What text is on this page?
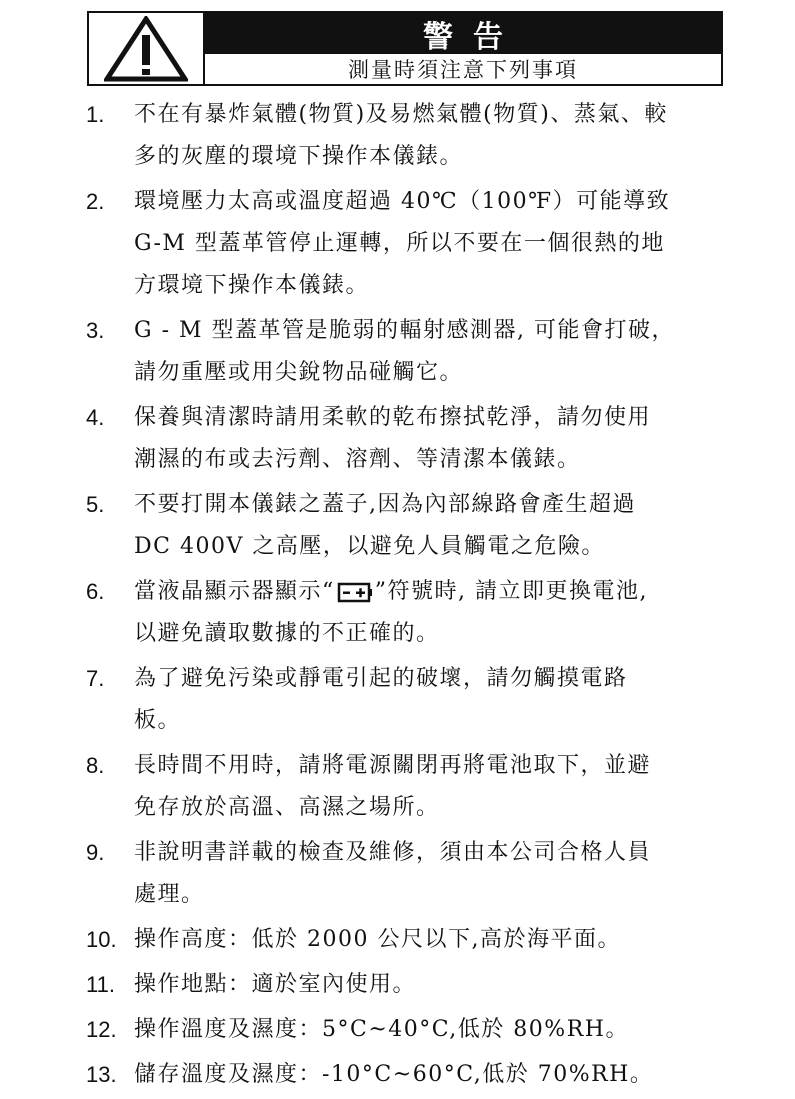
警告
測量時須注意下列事項
1.	不在有暴炸氣體(物質)及易燃氣體(物質)、蒸氣、較
多的灰塵的環境下操作本儀錶。
2.	環境壓力太高或溫度超過 40℃（100℉）可能導致
G-M 型蓋革管停止運轉，所以不要在一個很熱的地
方環境下操作本儀錶。
3.	G - M 型蓋革管是脆弱的輻射感測器, 可能會打破，
請勿重壓或用尖銳物品碰觸它。
4.	保養與清潔時請用柔軟的乾布擦拭乾淨，請勿使用
潮濕的布或去污劑、溶劑、等清潔本儀錶。
5.	不要打開本儀錶之蓋子,因為內部線路會產生超過
DC 400V 之高壓，以避免人員觸電之危險。
6.	當液晶顯示器顯示“ ”符號時, 請立即更換電池,
以避免讀取數據的不正確的。
7.	為了避免污染或靜電引起的破壞，請勿觸摸電路
板。
8.	長時間不用時，請將電源關閉再將電池取下，並避
免存放於高溫、高濕之場所。
9.	非說明書詳載的檢查及維修，須由本公司合格人員
處理。
10. 操作高度：低於 2000 公尺以下,高於海平面。
11. 操作地點：適於室內使用。
12. 操作溫度及濕度：5°C~40°C,低於 80%RH。
13. 儲存溫度及濕度：-10°C~60°C,低於 70%RH。
